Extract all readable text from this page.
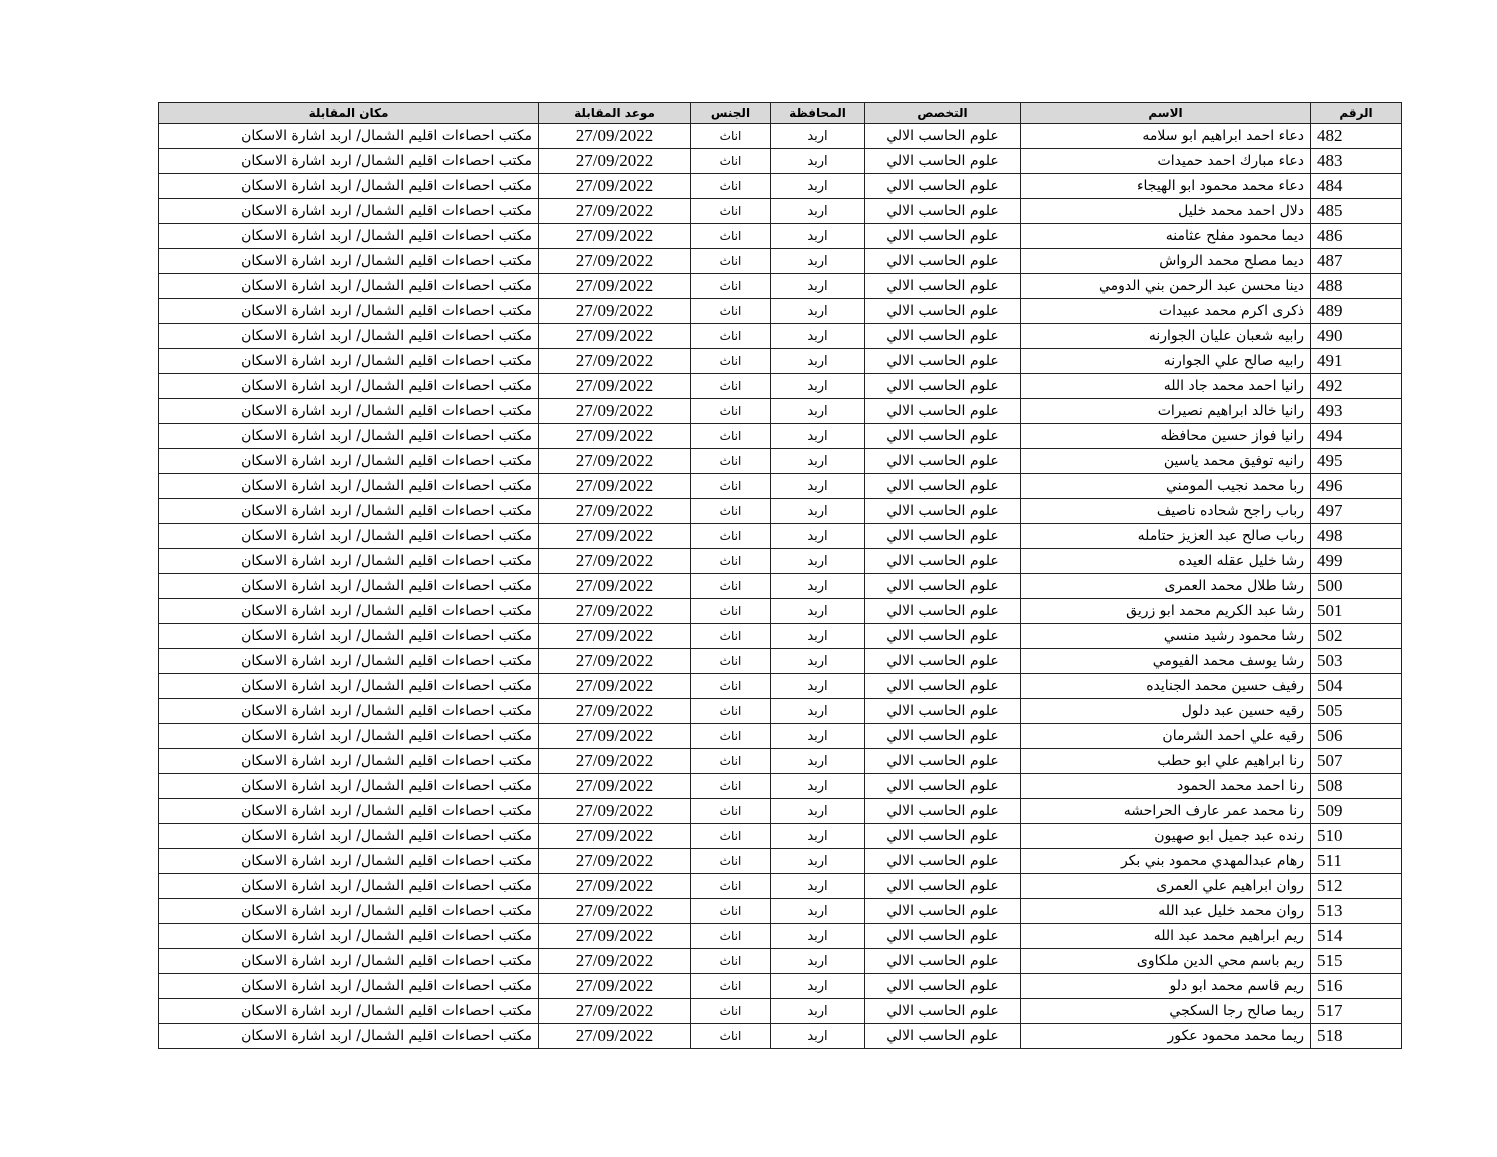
الرقم	الاسم	التخصص	المحافظة	الجنس	موعد المقابلة	مكان المقابلة
482	دعاء احمد ابراهيم ابو سلامه	علوم الحاسب الالي	اربد	اناث	27/09/2022	مكتب احصاءات اقليم الشمال/ اربد اشارة الاسكان
483	دعاء مبارك احمد حميدات	علوم الحاسب الالي	اربد	اناث	27/09/2022	مكتب احصاءات اقليم الشمال/ اربد اشارة الاسكان
484	دعاء محمد محمود ابو الهيجاء	علوم الحاسب الالي	اربد	اناث	27/09/2022	مكتب احصاءات اقليم الشمال/ اربد اشارة الاسكان
485	دلال احمد محمد خليل	علوم الحاسب الالي	اربد	اناث	27/09/2022	مكتب احصاءات اقليم الشمال/ اربد اشارة الاسكان
486	ديما محمود مفلح عثامنه	علوم الحاسب الالي	اربد	اناث	27/09/2022	مكتب احصاءات اقليم الشمال/ اربد اشارة الاسكان
487	ديما مصلح محمد الرواش	علوم الحاسب الالي	اربد	اناث	27/09/2022	مكتب احصاءات اقليم الشمال/ اربد اشارة الاسكان
488	دينا محسن عبد الرحمن بني الدومي	علوم الحاسب الالي	اربد	اناث	27/09/2022	مكتب احصاءات اقليم الشمال/ اربد اشارة الاسكان
489	ذكرى اكرم محمد عبيدات	علوم الحاسب الالي	اربد	اناث	27/09/2022	مكتب احصاءات اقليم الشمال/ اربد اشارة الاسكان
490	رابيه شعبان عليان الجوارنه	علوم الحاسب الالي	اربد	اناث	27/09/2022	مكتب احصاءات اقليم الشمال/ اربد اشارة الاسكان
491	رابيه صالح علي الجوارنه	علوم الحاسب الالي	اربد	اناث	27/09/2022	مكتب احصاءات اقليم الشمال/ اربد اشارة الاسكان
492	رانيا احمد محمد جاد الله	علوم الحاسب الالي	اربد	اناث	27/09/2022	مكتب احصاءات اقليم الشمال/ اربد اشارة الاسكان
493	رانيا خالد ابراهيم نصيرات	علوم الحاسب الالي	اربد	اناث	27/09/2022	مكتب احصاءات اقليم الشمال/ اربد اشارة الاسكان
494	رانيا فواز حسين محافظه	علوم الحاسب الالي	اربد	اناث	27/09/2022	مكتب احصاءات اقليم الشمال/ اربد اشارة الاسكان
495	رانيه توفيق محمد ياسين	علوم الحاسب الالي	اربد	اناث	27/09/2022	مكتب احصاءات اقليم الشمال/ اربد اشارة الاسكان
496	ربا محمد نجيب المومني	علوم الحاسب الالي	اربد	اناث	27/09/2022	مكتب احصاءات اقليم الشمال/ اربد اشارة الاسكان
497	رباب راجح شحاده ناصيف	علوم الحاسب الالي	اربد	اناث	27/09/2022	مكتب احصاءات اقليم الشمال/ اربد اشارة الاسكان
498	رباب صالح عبد العزيز حتامله	علوم الحاسب الالي	اربد	اناث	27/09/2022	مكتب احصاءات اقليم الشمال/ اربد اشارة الاسكان
499	رشا خليل عقله العيده	علوم الحاسب الالي	اربد	اناث	27/09/2022	مكتب احصاءات اقليم الشمال/ اربد اشارة الاسكان
500	رشا طلال محمد العمرى	علوم الحاسب الالي	اربد	اناث	27/09/2022	مكتب احصاءات اقليم الشمال/ اربد اشارة الاسكان
501	رشا عبد الكريم محمد ابو زريق	علوم الحاسب الالي	اربد	اناث	27/09/2022	مكتب احصاءات اقليم الشمال/ اربد اشارة الاسكان
502	رشا محمود رشيد منسي	علوم الحاسب الالي	اربد	اناث	27/09/2022	مكتب احصاءات اقليم الشمال/ اربد اشارة الاسكان
503	رشا يوسف محمد الفيومي	علوم الحاسب الالي	اربد	اناث	27/09/2022	مكتب احصاءات اقليم الشمال/ اربد اشارة الاسكان
504	رفيف حسين محمد الجنايده	علوم الحاسب الالي	اربد	اناث	27/09/2022	مكتب احصاءات اقليم الشمال/ اربد اشارة الاسكان
505	رقيه حسين عبد دلول	علوم الحاسب الالي	اربد	اناث	27/09/2022	مكتب احصاءات اقليم الشمال/ اربد اشارة الاسكان
506	رقيه علي احمد الشرمان	علوم الحاسب الالي	اربد	اناث	27/09/2022	مكتب احصاءات اقليم الشمال/ اربد اشارة الاسكان
507	رنا ابراهيم علي ابو حطب	علوم الحاسب الالي	اربد	اناث	27/09/2022	مكتب احصاءات اقليم الشمال/ اربد اشارة الاسكان
508	رنا احمد محمد الحمود	علوم الحاسب الالي	اربد	اناث	27/09/2022	مكتب احصاءات اقليم الشمال/ اربد اشارة الاسكان
509	رنا محمد عمر عارف الحراحشه	علوم الحاسب الالي	اربد	اناث	27/09/2022	مكتب احصاءات اقليم الشمال/ اربد اشارة الاسكان
510	رنده عبد جميل ابو صهيون	علوم الحاسب الالي	اربد	اناث	27/09/2022	مكتب احصاءات اقليم الشمال/ اربد اشارة الاسكان
511	رهام عبدالمهدي محمود بني بكر	علوم الحاسب الالي	اربد	اناث	27/09/2022	مكتب احصاءات اقليم الشمال/ اربد اشارة الاسكان
512	روان ابراهيم علي العمرى	علوم الحاسب الالي	اربد	اناث	27/09/2022	مكتب احصاءات اقليم الشمال/ اربد اشارة الاسكان
513	روان محمد خليل عبد الله	علوم الحاسب الالي	اربد	اناث	27/09/2022	مكتب احصاءات اقليم الشمال/ اربد اشارة الاسكان
514	ريم ابراهيم محمد عبد الله	علوم الحاسب الالي	اربد	اناث	27/09/2022	مكتب احصاءات اقليم الشمال/ اربد اشارة الاسكان
515	ريم باسم محي الدين ملكاوى	علوم الحاسب الالي	اربد	اناث	27/09/2022	مكتب احصاءات اقليم الشمال/ اربد اشارة الاسكان
516	ريم قاسم محمد ابو دلو	علوم الحاسب الالي	اربد	اناث	27/09/2022	مكتب احصاءات اقليم الشمال/ اربد اشارة الاسكان
517	ريما صالح رجا السكجي	علوم الحاسب الالي	اربد	اناث	27/09/2022	مكتب احصاءات اقليم الشمال/ اربد اشارة الاسكان
518	ريما محمد محمود عكور	علوم الحاسب الالي	اربد	اناث	27/09/2022	مكتب احصاءات اقليم الشمال/ اربد اشارة الاسكان
